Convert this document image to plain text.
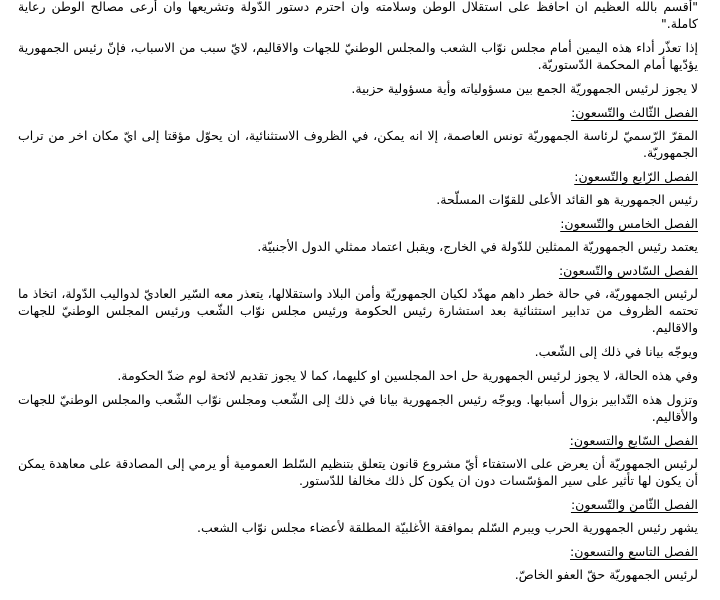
"أقسم بالله العظيم ان احافظ على استقلال الوطن وسلامته وان احترم دستور الدّولة وتشريعها وان أرعى مصالح الوطن رعاية كاملة."

إذا تعذّر أداء هذه اليمين أمام مجلس نوّاب الشعب والمجلس الوطنيّ للجهات والاقاليم، لايّ سبب من الاسباب، فإنّ رئيس الجمهورية يؤدّيها أمام المحكمة الدّستوريّة.

لا يجوز لرئيس الجمهوريّة الجمع بين مسؤولياته وأية مسؤولية حزبية.

الفصل الثّالث والتّسعون:

المقرّ الرّسميّ لرئاسة الجمهوريّة تونس العاصمة، إلا انه يمكن، في الظروف الاستثنائية، ان يحوّل مؤقتا إلى ايّ مكان اخر من تراب الجمهوريّة.

الفصل الرّابع والتّسعون:

رئيس الجمهورية هو القائد الأعلى للقوّات المسلّحة.

الفصل الخامس والتّسعون:

يعتمد رئيس الجمهوريّة الممثلين للدّولة في الخارج، ويقبل اعتماد ممثلي الدول الأجنبيّة.

الفصل السّادس والتّسعون:

لرئيس الجمهوريّة، في حالة خطر داهم مهدّد لكيان الجمهوريّة وأمن البلاد واستقلالها، يتعذر معه السّير العاديّ لدواليب الدّولة، اتخاذ ما تحتمه الظروف من تدابير استثنائية بعد استشارة رئيس الحكومة ورئيس مجلس نوّاب الشّعب ورئيس المجلس الوطنيّ للجهات والاقاليم.

ويوجّه بيانا في ذلك إلى الشّعب.

وفي هذه الحالة، لا يجوز لرئيس الجمهورية حل احد المجلسين او كليهما، كما لا يجوز تقديم لائحة لوم ضدّ الحكومة.

وتزول هذه التّدابير بزوال أسبابها. ويوجّه رئيس الجمهورية بيانا في ذلك إلى الشّعب ومجلس نوّاب الشّعب والمجلس الوطنيّ للجهات والأقاليم.

الفصل السّابع والتسعون:

لرئيس الجمهوريّة أن يعرض على الاستفتاء أيّ مشروع قانون يتعلق بتنظيم السّلط العمومية أو يرمي إلى المصادقة على معاهدة يمكن أن يكون لها تأثير على سير المؤسّسات دون ان يكون كل ذلك مخالفا للدّستور.

الفصل الثّامن والتّسعون:

يشهر رئيس الجمهورية الحرب ويبرم السّلم بموافقة الأغلبيّة المطلقة لأعضاء مجلس نوّاب الشعب.

الفصل التاسع والتسعون:

لرئيس الجمهوريّة حقّ العفو الخاصّ.
